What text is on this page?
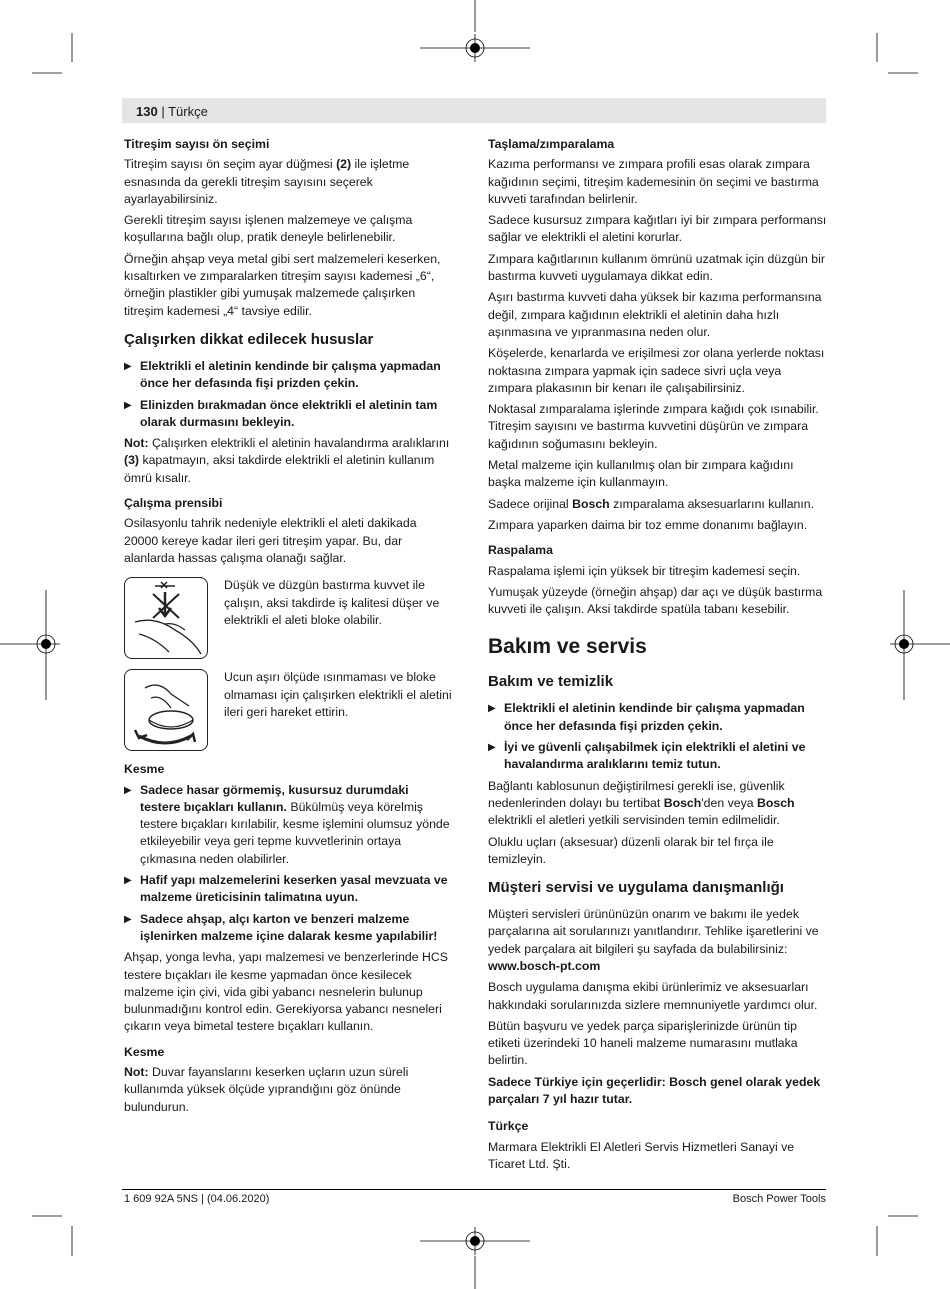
130 | Türkçe

Titreşim sayısı ön seçimi

Titreşim sayısı ön seçim ayar düğmesi (2) ile işletme esnasında da gerekli titreşim sayısını seçerek ayarlayabilirsiniz.

Gerekli titreşim sayısı işlenen malzemeye ve çalışma koşullarına bağlı olup, pratik deneyle belirlenebilir.

Örneğin ahşap veya metal gibi sert malzemeleri keserken, kısaltırken ve zımparalarken titreşim sayısı kademesi „6“, örneğin plastikler gibi yumuşak malzemede çalışırken titreşim kademesi „4“ tavsiye edilir.

Çalışırken dikkat edilecek hususlar

▶ Elektrikli el aletinin kendinde bir çalışma yapmadan önce her defasında fişi prizden çekin.

▶ Elinizden bırakmadan önce elektrikli el aletinin tam olarak durmasını bekleyin.

Not: Çalışırken elektrikli el aletinin havalandırma aralıklarını (3) kapatmayın, aksi takdirde elektrikli el aletinin kullanım ömrü kısalır.

Çalışma prensibi

Osilasyonlu tahrik nedeniyle elektrikli el aleti dakikada 20000 kereye kadar ileri geri titreşim yapar. Bu, dar alanlarda hassas çalışma olanağı sağlar.

Düşük ve düzgün bastırma kuvvet ile çalışın, aksi takdirde iş kalitesi düşer ve elektrikli el aleti bloke olabilir.
Ucun aşırı ölçüde ısınmaması ve bloke olmaması için çalışırken elektrikli el aletini ileri geri hareket ettirin.

Kesme

▶ Sadece hasar görmemiş, kusursuz durumdaki testere bıçakları kullanın. Bükülmüş veya körelmiş testere bıçakları kırılabilir, kesme işlemini olumsuz yönde etkileyebilir veya geri tepme kuvvetlerinin ortaya çıkmasına neden olabilirler.

▶ Hafif yapı malzemelerini keserken yasal mevzuata ve malzeme üreticisinin talimatına uyun.

▶ Sadece ahşap, alçı karton ve benzeri malzeme işlenirken malzeme içine dalarak kesme yapılabilir!

Ahşap, yonga levha, yapı malzemesi ve benzerlerinde HCS testere bıçakları ile kesme yapmadan önce kesilecek malzeme için çivi, vida gibi yabancı nesnelerin bulunup bulunmadığını kontrol edin. Gerekiyorsa yabancı nesneleri çıkarın veya bimetal testere bıçakları kullanın.

Kesme

Not: Duvar fayanslarını keserken uçların uzun süreli kullanımda yüksek ölçüde yıprandığını göz önünde bulundurun.

Taşlama/zımparalama

Kazıma performansı ve zımpara profili esas olarak zımpara kağıdının seçimi, titreşim kademesinin ön seçimi ve bastırma kuvveti tarafından belirlenir.

Sadece kusursuz zımpara kağıtları iyi bir zımpara performansı sağlar ve elektrikli el aletini korurlar.

Zımpara kağıtlarının kullanım ömrünü uzatmak için düzgün bir bastırma kuvveti uygulamaya dikkat edin.

Aşırı bastırma kuvveti daha yüksek bir kazıma performansına değil, zımpara kağıdının elektrikli el aletinin daha hızlı aşınmasına ve yıpranmasına neden olur.

Köşelerde, kenarlarda ve erişilmesi zor olana yerlerde noktası noktasına zımpara yapmak için sadece sivri uçla veya zımpara plakasının bir kenarı ile çalışabilirsiniz.

Noktasal zımparalama işlerinde zımpara kağıdı çok ısınabilir. Titreşim sayısını ve bastırma kuvvetini düşürün ve zımpara kağıdının soğumasını bekleyin.

Metal malzeme için kullanılmış olan bir zımpara kağıdını başka malzeme için kullanmayın.

Sadece orijinal Bosch zımparalama aksesuarlarını kullanın.

Zımpara yaparken daima bir toz emme donanımı bağlayın.

Raspalama

Raspalama işlemi için yüksek bir titreşim kademesi seçin.

Yumuşak yüzeyde (örneğin ahşap) dar açı ve düşük bastırma kuvveti ile çalışın. Aksi takdirde spatüla tabanı kesebilir.

Bakım ve servis

Bakım ve temizlik

▶ Elektrikli el aletinin kendinde bir çalışma yapmadan önce her defasında fişi prizden çekin.

▶ İyi ve güvenli çalışabilmek için elektrikli el aletini ve havalandırma aralıklarını temiz tutun.

Bağlantı kablosunun değiştirilmesi gerekli ise, güvenlik nedenlerinden dolayı bu tertibat Bosch'den veya Bosch elektrikli el aletleri yetkili servisinden temin edilmelidir.

Oluklu uçları (aksesuar) düzenli olarak bir tel fırça ile temizleyin.

Müşteri servisi ve uygulama danışmanlığı

Müşteri servisleri ürününüzün onarım ve bakımı ile yedek parçalarına ait sorularınızı yanıtlandırır. Tehlike işaretlerini ve yedek parçalara ait bilgileri şu sayfada da bulabilirsiniz:

www.bosch-pt.com

Bosch uygulama danışma ekibi ürünlerimiz ve aksesuarları hakkındaki sorularınızda sizlere memnuniyetle yardımcı olur.

Bütün başvuru ve yedek parça siparişlerinizde ürünün tip etiketi üzerindeki 10 haneli malzeme numarasını mutlaka belirtin.

Sadece Türkiye için geçerlidir: Bosch genel olarak yedek parçaları 7 yıl hazır tutar.

Türkçe

Marmara Elektrikli El Aletleri Servis Hizmetleri Sanayi ve Ticaret Ltd. Şti.

1 609 92A 5NS | (04.06.2020)	Bosch Power Tools
